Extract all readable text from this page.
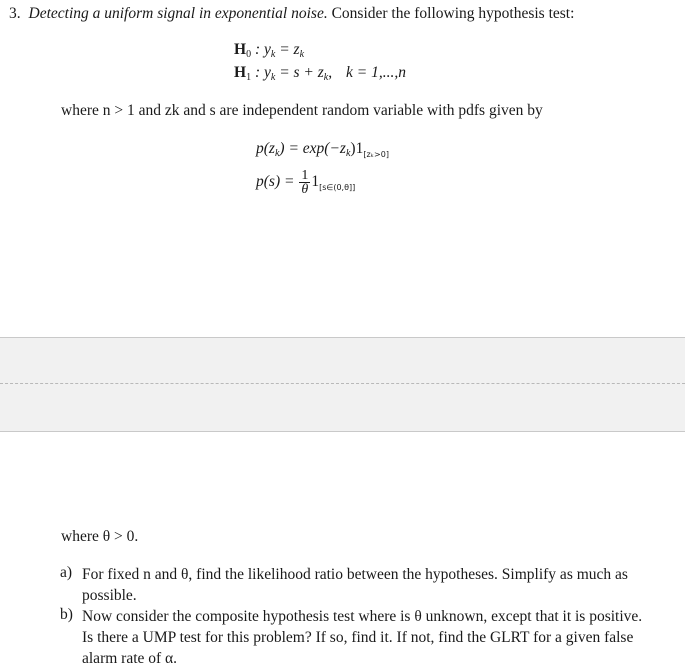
3. Detecting a uniform signal in exponential noise. Consider the following hypothesis test:
$H_0$ : $y_k = z_k$
$H_1$ : $y_k = s + z_k$, k = 1,...,n
where n > 1 and zk and s are independent random variable with pdfs given by
$p(z_k) = \exp(-z_k)1_{[z_k>0]}$
$p(s) = \frac{1}{\theta} 1_{[s\in(0,\theta]]}$
where θ > 0.
a) For fixed n and θ, find the likelihood ratio between the hypotheses. Simplify as much as possible.
b) Now consider the composite hypothesis test where is θ unknown, except that it is positive. Is there a UMP test for this problem? If so, find it. If not, find the GLRT for a given false alarm rate of α.
